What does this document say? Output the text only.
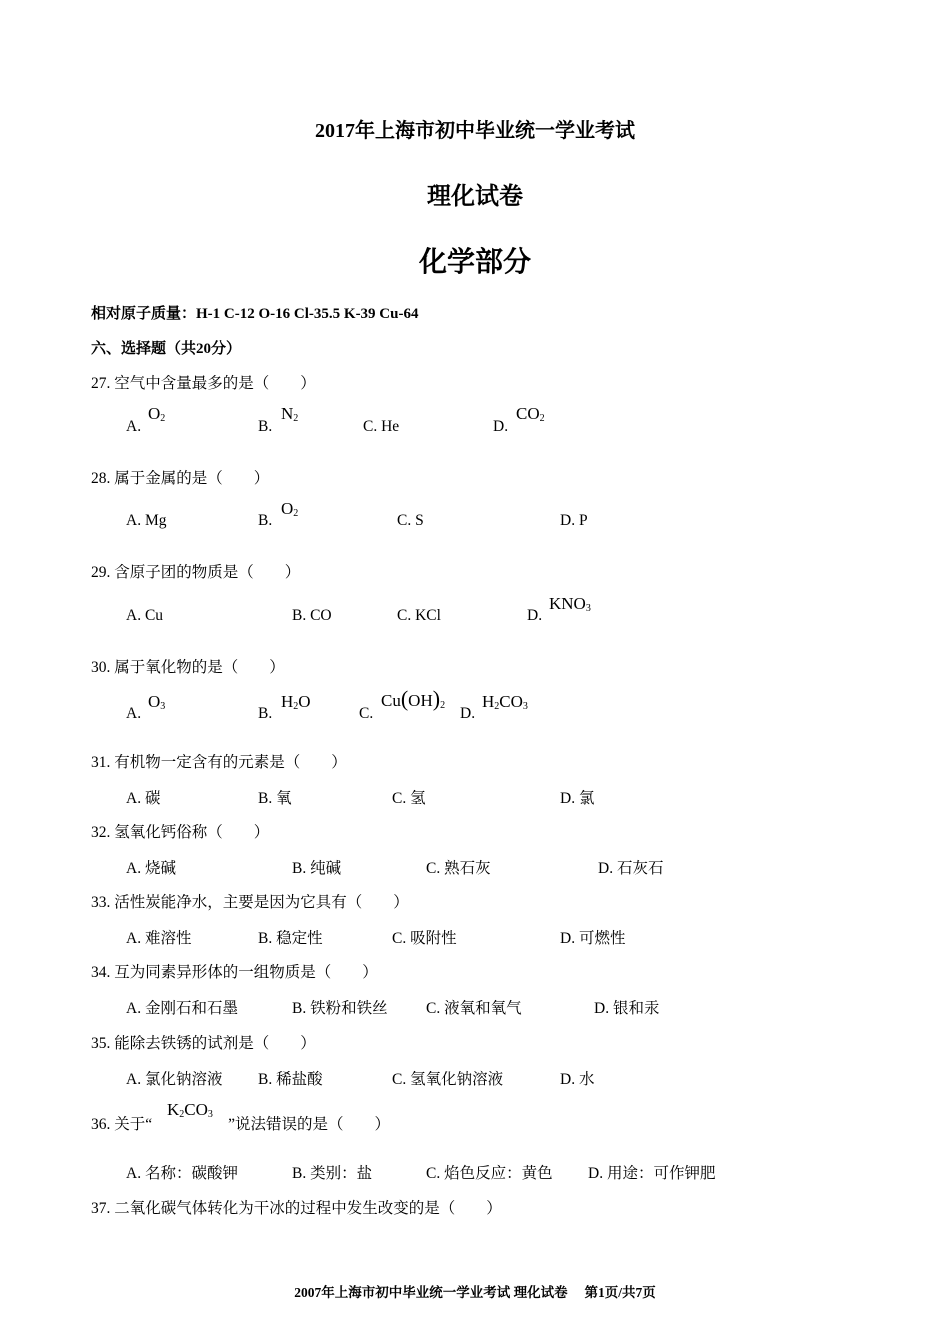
2017年上海市初中毕业统一学业考试
理化试卷
化学部分
相对原子质量：H-1 C-12 O-16 Cl-35.5 K-39 Cu-64
六、选择题（共20分）
27. 空气中含量最多的是（　　）
A.
O2	B.
N2	C. He	D.
CO2
28. 属于金属的是（　　）
A. Mg	B.
O2	C. S	D. P
29. 含原子团的物质是（　　）
A. Cu	B. CO	C. KCl	D.
KNO3
30. 属于氧化物的是（　　）
A.
O3	B.
H2O
C.
Cu(OH)2 D.
H2CO3
31. 有机物一定含有的元素是（　　）
A. 碳	B. 氧	C. 氢	D. 氯
32. 氢氧化钙俗称（　　）
A. 烧碱	B. 纯碱	C. 熟石灰	D. 石灰石
33. 活性炭能净水，主要是因为它具有（　　）
A. 难溶性	B. 稳定性	C. 吸附性	D. 可燃性
34. 互为同素异形体的一组物质是（　　）
A. 金刚石和石墨	B. 铁粉和铁丝 C. 液氧和氧气	D. 银和汞
35. 能除去铁锈的试剂是（　　）
A. 氯化钠溶液 B. 稀盐酸	C. 氢氧化钠溶液	D. 水
36. 关于“	”说法错误的是（　　）
K2CO3
A. 名称：碳酸钾	B. 类别：盐	C. 焰色反应：黄色 D. 用途：可作钾肥
37. 二氧化碳气体转化为干冰的过程中发生改变的是（　　）
2007年上海市初中毕业统一学业考试 理化试卷　 第1页/共7页
